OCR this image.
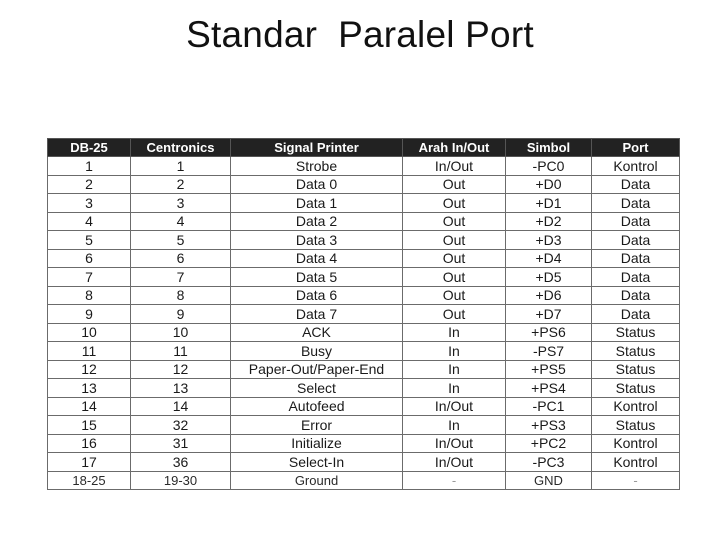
Standar  Paralel Port
DB-25	Centronics	Signal Printer	Arah In/Out	Simbol	Port
1	1	Strobe	In/Out	-PC0	Kontrol
2	2	Data 0	Out	+D0	Data
3	3	Data 1	Out	+D1	Data
4	4	Data 2	Out	+D2	Data
5	5	Data 3	Out	+D3	Data
6	6	Data 4	Out	+D4	Data
7	7	Data 5	Out	+D5	Data
8	8	Data 6	Out	+D6	Data
9	9	Data 7	Out	+D7	Data
10	10	ACK	In	+PS6	Status
11	11	Busy	In	-PS7	Status
12	12	Paper-Out/Paper-End	In	+PS5	Status
13	13	Select	In	+PS4	Status
14	14	Autofeed	In/Out	-PC1	Kontrol
15	32	Error	In	+PS3	Status
16	31	Initialize	In/Out	+PC2	Kontrol
17	36	Select-In	In/Out	-PC3	Kontrol
18-25	19-30	Ground	-	GND	-
